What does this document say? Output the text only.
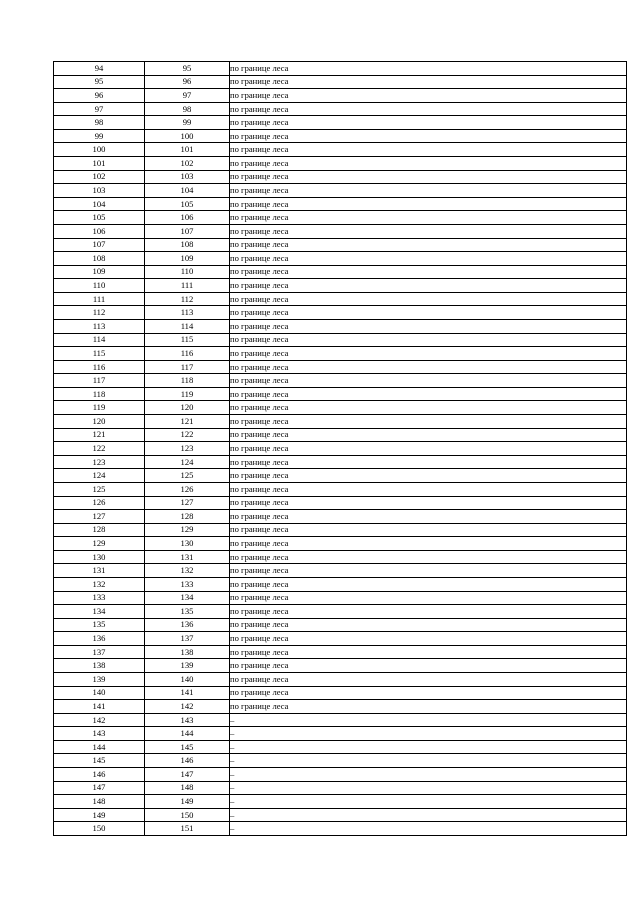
94	95	по границе леса
95	96	по границе леса
96	97	по границе леса
97	98	по границе леса
98	99	по границе леса
99	100	по границе леса
100	101	по границе леса
101	102	по границе леса
102	103	по границе леса
103	104	по границе леса
104	105	по границе леса
105	106	по границе леса
106	107	по границе леса
107	108	по границе леса
108	109	по границе леса
109	110	по границе леса
110	111	по границе леса
111	112	по границе леса
112	113	по границе леса
113	114	по границе леса
114	115	по границе леса
115	116	по границе леса
116	117	по границе леса
117	118	по границе леса
118	119	по границе леса
119	120	по границе леса
120	121	по границе леса
121	122	по границе леса
122	123	по границе леса
123	124	по границе леса
124	125	по границе леса
125	126	по границе леса
126	127	по границе леса
127	128	по границе леса
128	129	по границе леса
129	130	по границе леса
130	131	по границе леса
131	132	по границе леса
132	133	по границе леса
133	134	по границе леса
134	135	по границе леса
135	136	по границе леса
136	137	по границе леса
137	138	по границе леса
138	139	по границе леса
139	140	по границе леса
140	141	по границе леса
141	142	по границе леса
142	143	–
143	144	–
144	145	–
145	146	–
146	147	–
147	148	–
148	149	–
149	150	–
150	151	–
